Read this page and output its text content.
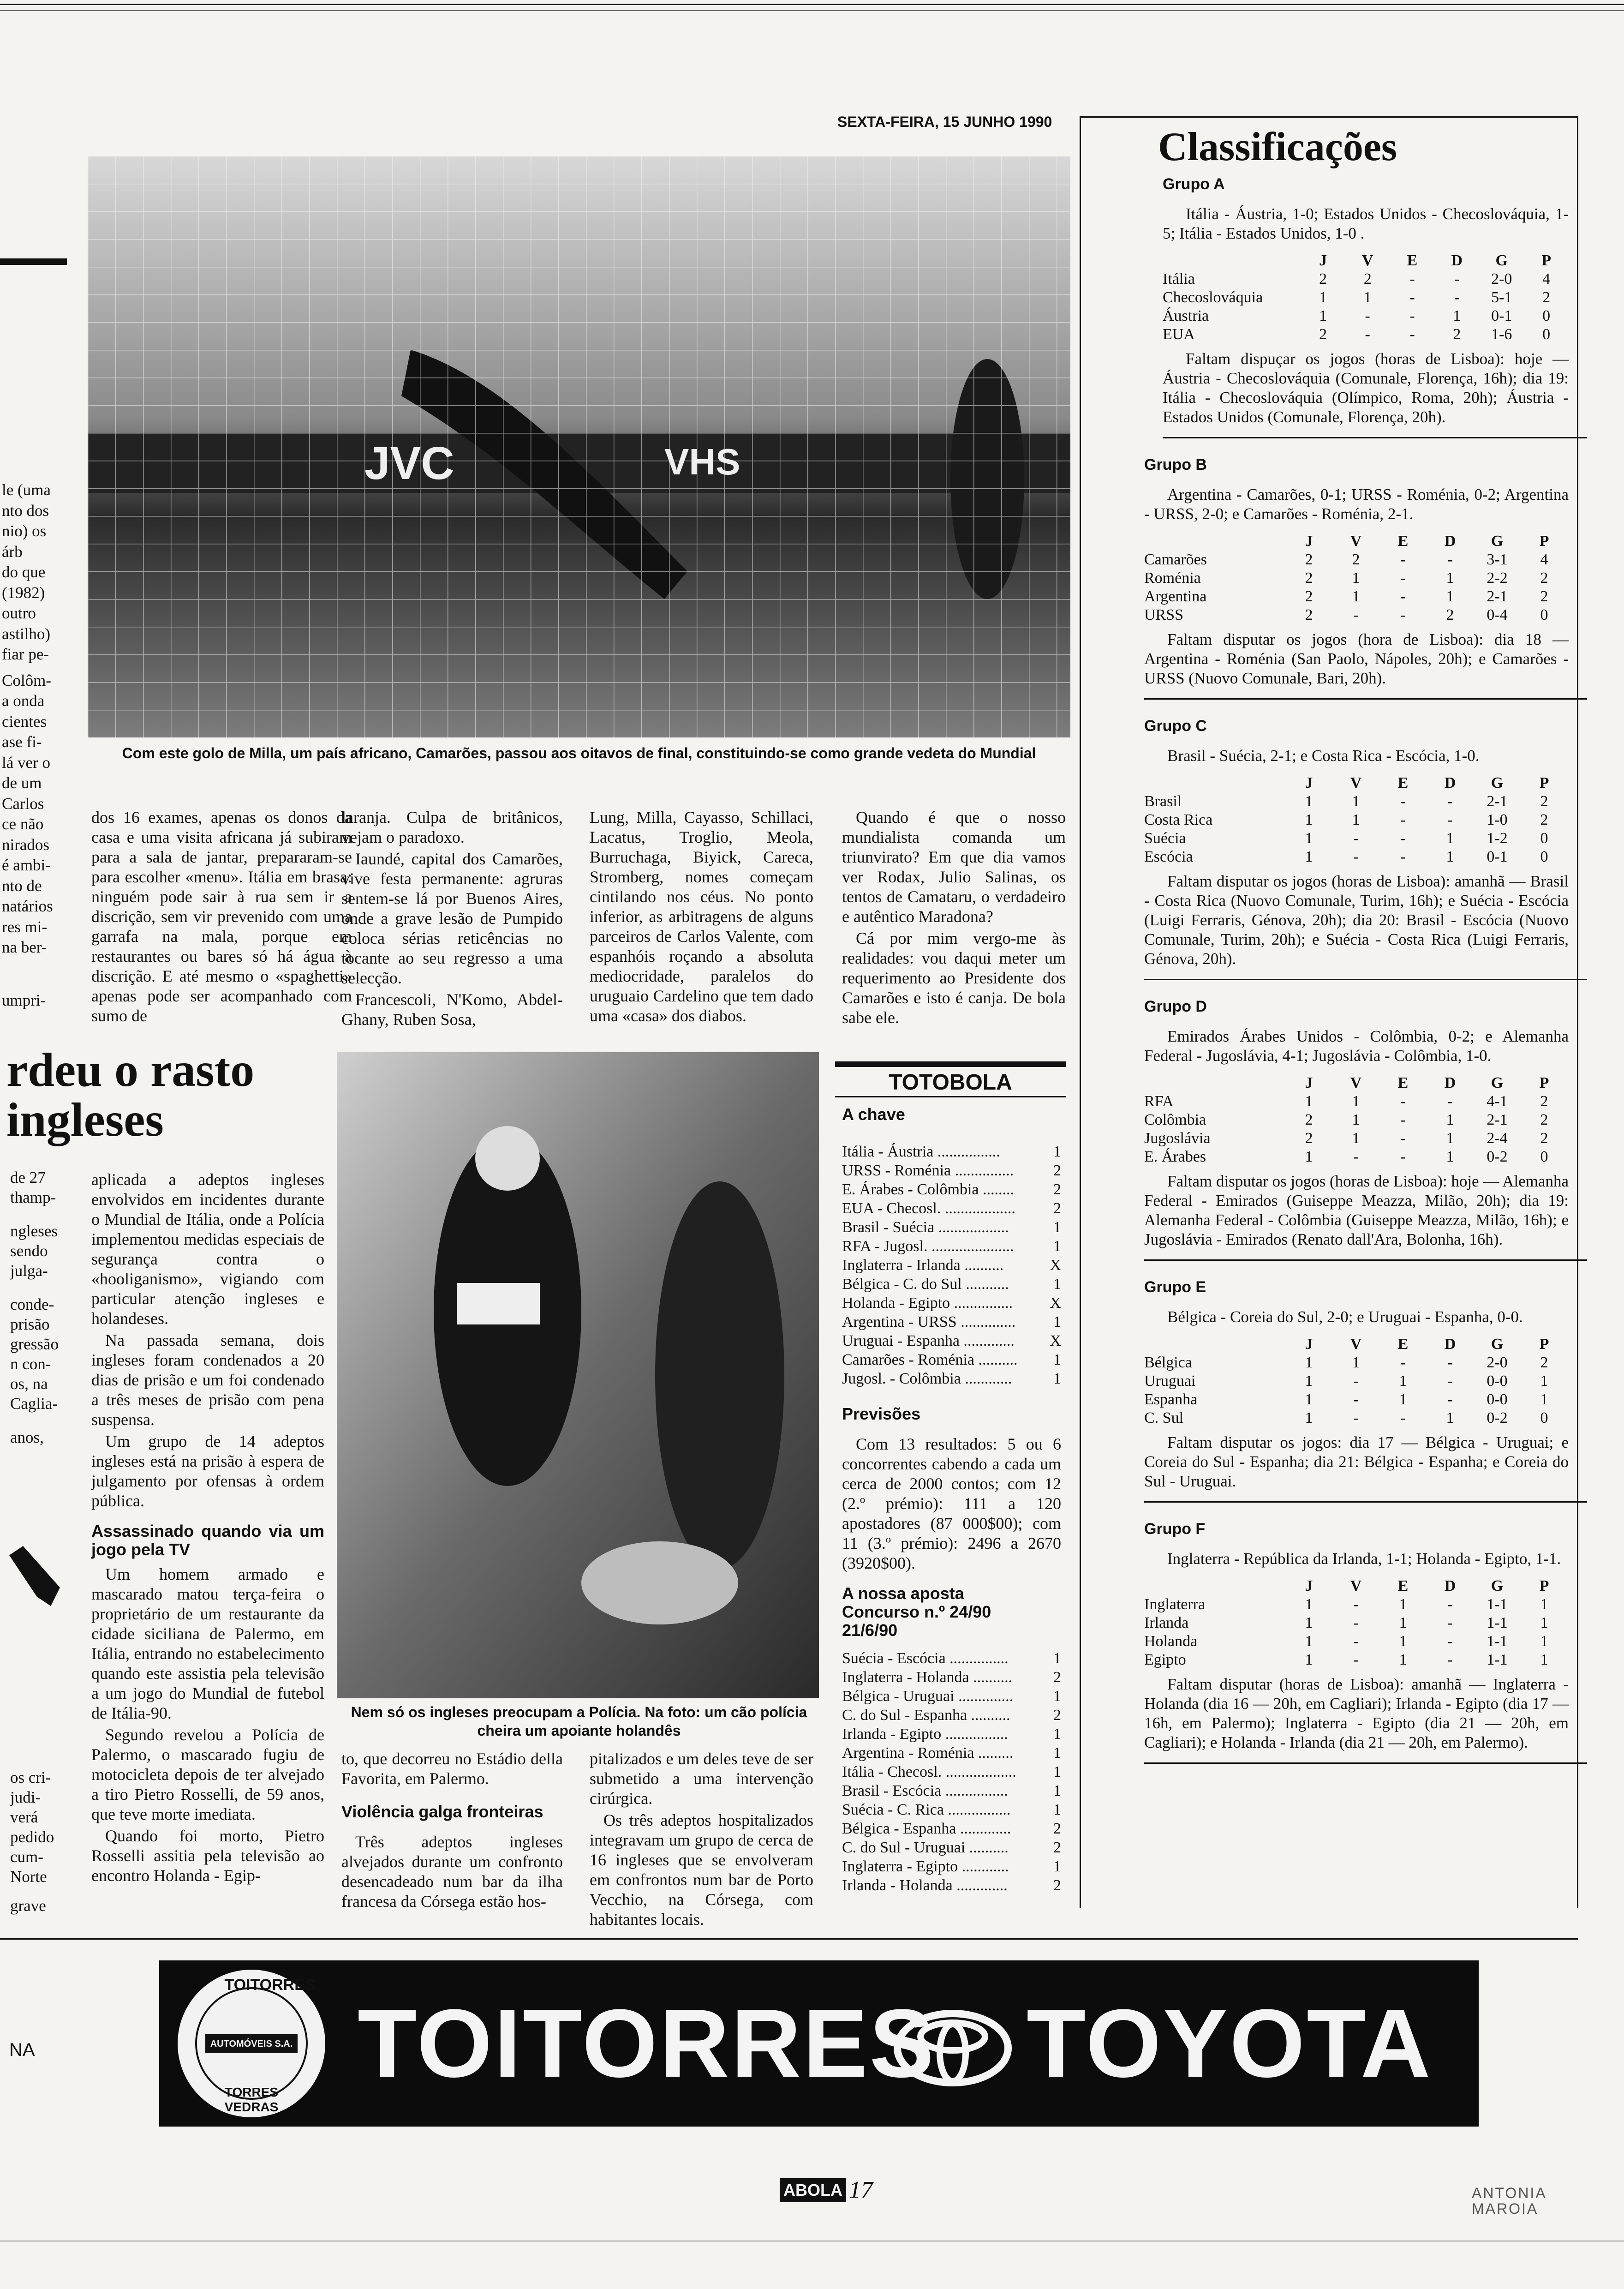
SEXTA-FEIRA, 15 JUNHO 1990
le (uma
nto dos
nio) os
árb
do que
(1982)
outro
astilho)
fiar pe-
Colôm-
a onda
cientes
ase fi-
lá ver o
de um
Carlos
ce não
nirados
é ambi-
nto de
natários
res mi-
na ber-
umpri-
rdeu o rasto
ingleses
de 27
thamp-
ngleses
sendo
julga-
conde-
prisão
gressão
n con-
os, na
Caglia-
anos,
os cri-
judi-
verá
pedido
cum-
Norte
grave
Com este golo de Milla, um país africano, Camarões, passou aos oitavos de final, constituindo-se como grande vedeta do Mundial

dos 16 exames, apenas os donos da casa e uma visita africana já subiram para a sala de jantar, prepararam-se para escolher «menu». Itália em brasa: ninguém pode sair à rua sem ir a discrição, sem vir prevenido com uma garrafa na mala, porque em restaurantes ou bares só há água à discrição. E até mesmo o «spaghetti» apenas pode ser acompanhado com sumo de

laranja. Culpa de britânicos, vejam o paradoxo.

Iaundé, capital dos Camarões, vive festa permanente: agruras sentem-se lá por Buenos Aires, onde a grave lesão de Pumpido coloca sérias reticências no tocante ao seu regresso a uma selecção.

Francescoli, N'Komo, Abdel-Ghany, Ruben Sosa,

Lung, Milla, Cayasso, Schillaci, Lacatus, Troglio, Meola, Burruchaga, Biyick, Careca, Stromberg, nomes começam cintilando nos céus. No ponto inferior, as arbitragens de alguns parceiros de Carlos Valente, com espanhóis roçando a absoluta mediocridade, paralelos do uruguaio Cardelino que tem dado uma «casa» dos diabos.

Quando é que o nosso mundialista comanda um triunvirato? Em que dia vamos ver Rodax, Julio Salinas, os tentos de Camataru, o verdadeiro e autêntico Maradona?

Cá por mim vergo-me às realidades: vou daqui meter um requerimento ao Presidente dos Camarões e isto é canja. De bola sabe ele.

aplicada a adeptos ingleses envolvidos em incidentes durante o Mundial de Itália, onde a Polícia implementou medidas especiais de segurança contra o «hooliganismo», vigiando com particular atenção ingleses e holandeses.

Na passada semana, dois ingleses foram condenados a 20 dias de prisão e um foi condenado a três meses de prisão com pena suspensa.

Um grupo de 14 adeptos ingleses está na prisão à espera de julgamento por ofensas à ordem pública.

Assassinado quando via um jogo pela TV

Um homem armado e mascarado matou terça-feira o proprietário de um restaurante da cidade siciliana de Palermo, em Itália, entrando no estabelecimento quando este assistia pela televisão a um jogo do Mundial de futebol de Itália-90.

Segundo revelou a Polícia de Palermo, o mascarado fugiu de motocicleta depois de ter alvejado a tiro Pietro Rosselli, de 59 anos, que teve morte imediata.

Quando foi morto, Pietro Rosselli assitia pela televisão ao encontro Holanda - Egip-

Nem só os ingleses preocupam a Polícia. Na foto: um cão polícia cheira um apoiante holandês

to, que decorreu no Estádio della Favorita, em Palermo.

Violência galga fronteiras

Três adeptos ingleses alvejados durante um confronto desencadeado num bar da ilha francesa da Córsega estão hos-

pitalizados e um deles teve de ser submetido a uma intervenção cirúrgica.

Os três adeptos hospitalizados integravam um grupo de cerca de 16 ingleses que se envolveram em confrontos num bar de Porto Vecchio, na Córsega, com habitantes locais.

TOTOBOLA
A chave
Itália - Áustria ................	1
URSS - Roménia ...............	2
E. Árabes - Colômbia ........	2
EUA - Checosl. .................. 2
Brasil - Suécia ..................	1
RFA - Jugosl. .....................	1
Inglaterra - Irlanda ..........	X
Bélgica - C. do Sul ...........	1
Holanda - Egipto ............... X
Argentina - URSS .............. 1
Uruguai - Espanha ............. X
Camarões - Roménia .......... 1
Jugosl. - Colômbia ............	1
Previsões

Com 13 resultados: 5 ou 6 concorrentes cabendo a cada um cerca de 2000 contos; com 12 (2.º prémio): 111 a 120 apostadores (87 000$00); com 11 (3.º prémio): 2496 a 2670 (3920$00).

A nossa aposta Concurso n.º 24/90 21/6/90
Suécia - Escócia ...............	1
Inglaterra - Holanda ..........	2
Bélgica - Uruguai ..............	1
C. do Sul - Espanha ..........	2
Irlanda - Egipto ................	1
Argentina - Roménia .........	1
Itália - Checosl. .................. 1
Brasil - Escócia ................	1
Suécia - C. Rica ................	1
Bélgica - Espanha .............	2
C. do Sul - Uruguai ..........	2
Inglaterra - Egipto ............	1
Irlanda - Holanda .............	2
Classificações
Grupo A

Itália - Áustria, 1-0; Estados Unidos - Checoslováquia, 1-5; Itália - Estados Unidos, 1-0 .

	J	V	E	D	G	P
Itália	2	2	-	-	2-0	4
Checoslováquia	1	1	-	-	5-1	2
Áustria	1	-	-	1	0-1	0
EUA	2	-	-	2	1-6	0

Faltam dispuçar os jogos (horas de Lisboa): hoje — Áustria - Checoslováquia (Comunale, Florença, 16h); dia 19: Itália - Checoslováquia (Olímpico, Roma, 20h); Áustria - Estados Unidos (Comunale, Florença, 20h).

Grupo B

Argentina - Camarões, 0-1; URSS - Roménia, 0-2; Argentina - URSS, 2-0; e Camarões - Roménia, 2-1.

	J	V	E	D	G	P
Camarões	2	2	-	-	3-1	4
Roménia	2	1	-	1	2-2	2
Argentina	2	1	-	1	2-1	2
URSS	2	-	-	2	0-4	0

Faltam disputar os jogos (hora de Lisboa): dia 18 — Argentina - Roménia (San Paolo, Nápoles, 20h); e Camarões - URSS (Nuovo Comunale, Bari, 20h).

Grupo C

Brasil - Suécia, 2-1; e Costa Rica - Escócia, 1-0.

	J	V	E	D	G	P
Brasil	1	1	-	-	2-1	2
Costa Rica	1	1	-	-	1-0	2
Suécia	1	-	-	1	1-2	0
Escócia	1	-	-	1	0-1	0

Faltam disputar os jogos (horas de Lisboa): amanhã — Brasil - Costa Rica (Nuovo Comunale, Turim, 16h); e Suécia - Escócia (Luigi Ferraris, Génova, 20h); dia 20: Brasil - Escócia (Nuovo Comunale, Turim, 20h); e Suécia - Costa Rica (Luigi Ferraris, Génova, 20h).

Grupo D

Emirados Árabes Unidos - Colômbia, 0-2; e Alemanha Federal - Jugoslávia, 4-1; Jugoslávia - Colômbia, 1-0.

	J	V	E	D	G	P
RFA	1	1	-	-	4-1	2
Colômbia	2	1	-	1	2-1	2
Jugoslávia	2	1	-	1	2-4	2
E. Árabes	1	-	-	1	0-2	0

Faltam disputar os jogos (horas de Lisboa): hoje — Alemanha Federal - Emirados (Guiseppe Meazza, Milão, 20h); dia 19: Alemanha Federal - Colômbia (Guiseppe Meazza, Milão, 16h); e Jugoslávia - Emirados (Renato dall'Ara, Bolonha, 16h).

Grupo E

Bélgica - Coreia do Sul, 2-0; e Uruguai - Espanha, 0-0.

	J	V	E	D	G	P
Bélgica	1	1	-	-	2-0	2
Uruguai	1	-	1	-	0-0	1
Espanha	1	-	1	-	0-0	1
C. Sul	1	-	-	1	0-2	0

Faltam disputar os jogos: dia 17 — Bélgica - Uruguai; e Coreia do Sul - Espanha; dia 21: Bélgica - Espanha; e Coreia do Sul - Uruguai.

Grupo F

Inglaterra - República da Irlanda, 1-1; Holanda - Egipto, 1-1.

	J	V	E	D	G	P
Inglaterra	1	-	1	-	1-1	1
Irlanda	1	-	1	-	1-1	1
Holanda	1	-	1	-	1-1	1
Egipto	1	-	1	-	1-1	1

Faltam disputar (horas de Lisboa): amanhã — Inglaterra - Holanda (dia 16 — 20h, em Cagliari); Irlanda - Egipto (dia 17 — 16h, em Palermo); Inglaterra - Egipto (dia 21 — 20h, em Cagliari); e Holanda - Irlanda (dia 21 — 20h, em Palermo).

TOITORRES
AUTOMÓVEIS S.A.
TORRES VEDRAS
TOITORRES TOYOTA
NA
ABOLA 17	ANTONIA
MAROIA
